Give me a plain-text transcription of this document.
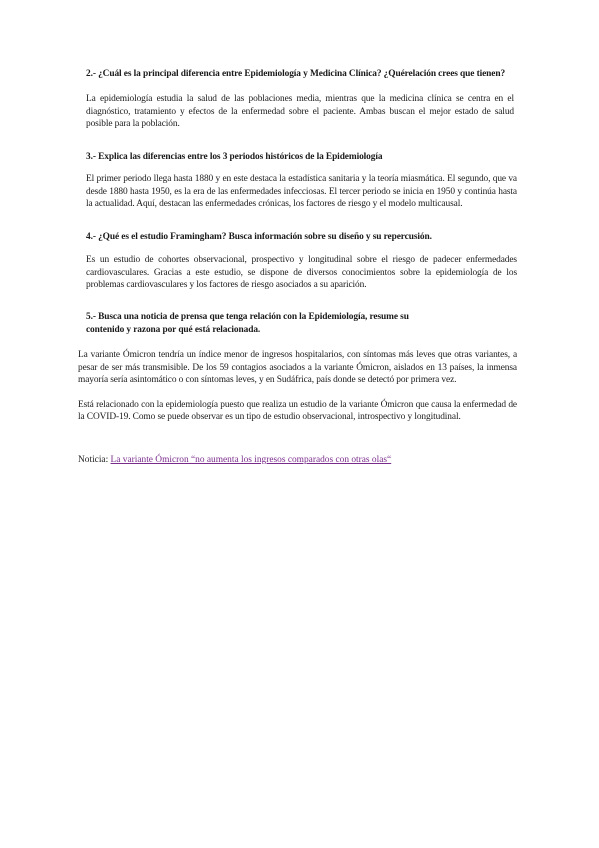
2.- ¿Cuál es la principal diferencia entre Epidemiología y Medicina Clínica? ¿Quérelación crees que tienen?

La epidemiología estudia la salud de las poblaciones media, mientras que la medicina clínica se centra en el diagnóstico, tratamiento y efectos de la enfermedad sobre el paciente. Ambas buscan el mejor estado de salud posible para la población.

3.- Explica las diferencias entre los 3 periodos históricos de la Epidemiología

El primer periodo llega hasta 1880 y en este destaca la estadística sanitaria y la teoría miasmática. El segundo, que va desde 1880 hasta 1950, es la era de las enfermedades infecciosas. El tercer periodo se inicia en 1950 y continúa hasta la actualidad. Aquí, destacan las enfermedades crónicas, los factores de riesgo y el modelo multicausal.

4.- ¿Qué es el estudio Framingham? Busca información sobre su diseño y su repercusión.

Es un estudio de cohortes observacional, prospectivo y longitudinal sobre el riesgo de padecer enfermedades cardiovasculares. Gracias a este estudio, se dispone de diversos conocimientos sobre la epidemiología de los problemas cardiovasculares y los factores de riesgo asociados a su aparición.

5.- Busca una noticia de prensa que tenga relación con la Epidemiología, resume su contenido y razona por qué está relacionada.

La variante Ómicron tendría un índice menor de ingresos hospitalarios, con síntomas más leves que otras variantes, a pesar de ser más transmisible. De los 59 contagios asociados a la variante Ómicron, aislados en 13 países, la inmensa mayoría sería asintomático o con síntomas leves, y en Sudáfrica, país donde se detectó por primera vez.

Está relacionado con la epidemiología puesto que realiza un estudio de la variante Ómicron que causa la enfermedad de la COVID-19. Como se puede observar es un tipo de estudio observacional, introspectivo y longitudinal.

Noticia: La variante Ómicron “no aumenta los ingresos comparados con otras olas“
